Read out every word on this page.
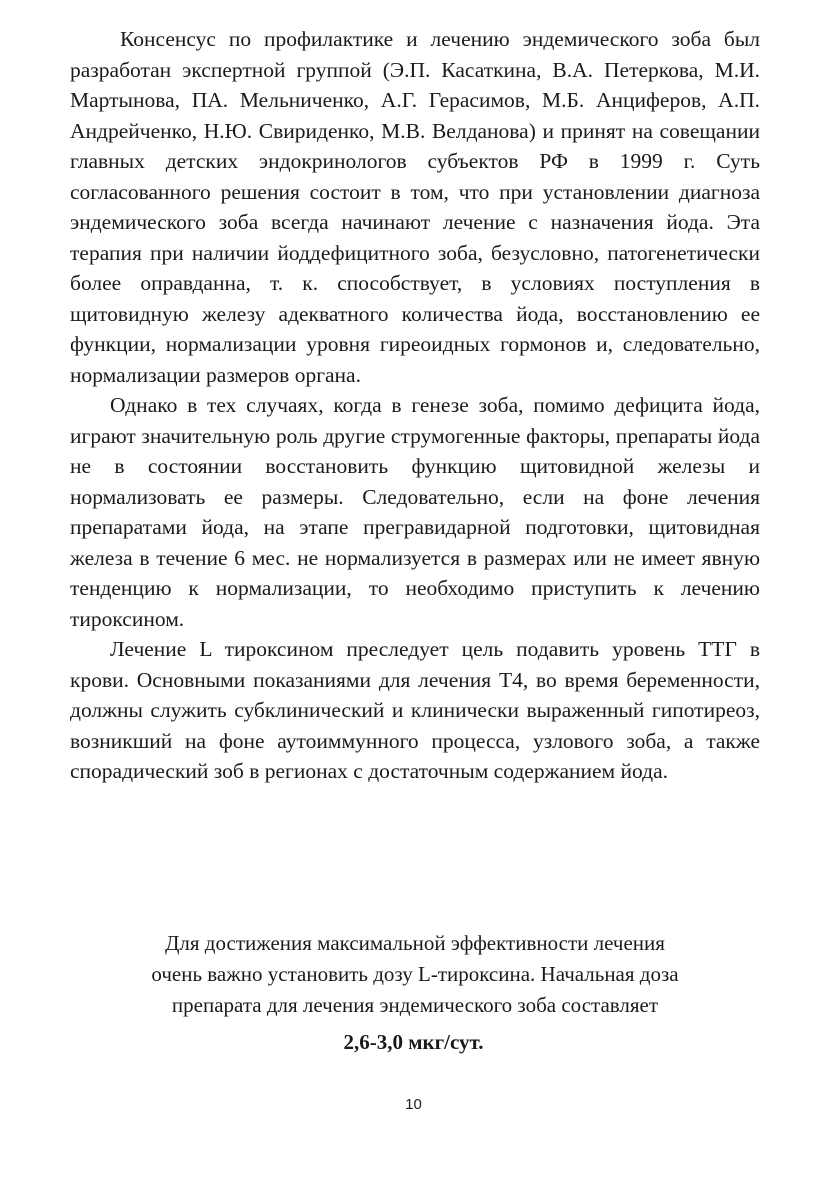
Консенсус по профилактике и лечению эндемического зоба был разработан экспертной группой (Э.П. Касаткина, В.А. Петеркова, М.И. Мартынова, ПА. Мельниченко, А.Г. Герасимов, М.Б. Анциферов, А.П. Андрейченко, Н.Ю. Свириденко, М.В. Велданова) и принят на совещании главных детских эндокринологов субъектов РФ в 1999 г. Суть согласованного решения состоит в том, что при установлении диагноза эндемического зоба всегда начинают лечение с назначения йода. Эта терапия при наличии йоддефицитного зоба, безусловно, патогенетически более оправданна, т. к. способствует, в условиях поступления в щитовидную железу адекватного количества йода, восстановлению ее функции, нормализации уровня гиреоидных гормонов и, следовательно, нормализации размеров органа.

Однако в тех случаях, когда в генезе зоба, помимо дефицита йода, играют значительную роль другие струмогенные факторы, препараты йода не в состоянии восстановить функцию щитовидной железы и нормализовать ее размеры. Следовательно, если на фоне лечения препаратами йода, на этапе прегравидарной подготовки, щитовидная железа в течение 6 мес. не нормализуется в размерах или не имеет явную тенденцию к нормализации, то необходимо приступить к лечению тироксином.

Лечение L тироксином преследует цель подавить уровень ТТГ в крови. Основными показаниями для лечения Т4, во время беременности, должны служить субклинический и клинически выраженный гипотиреоз, возникший на фоне аутоиммунного процесса, узлового зоба, а также спорадический зоб в регионах с достаточным содержанием йода.

Для достижения максимальной эффективности лечения
очень важно установить дозу L-тироксина. Начальная доза
препарата для лечения эндемического зоба составляет

2,6-3,0 мкг/сут.
10
